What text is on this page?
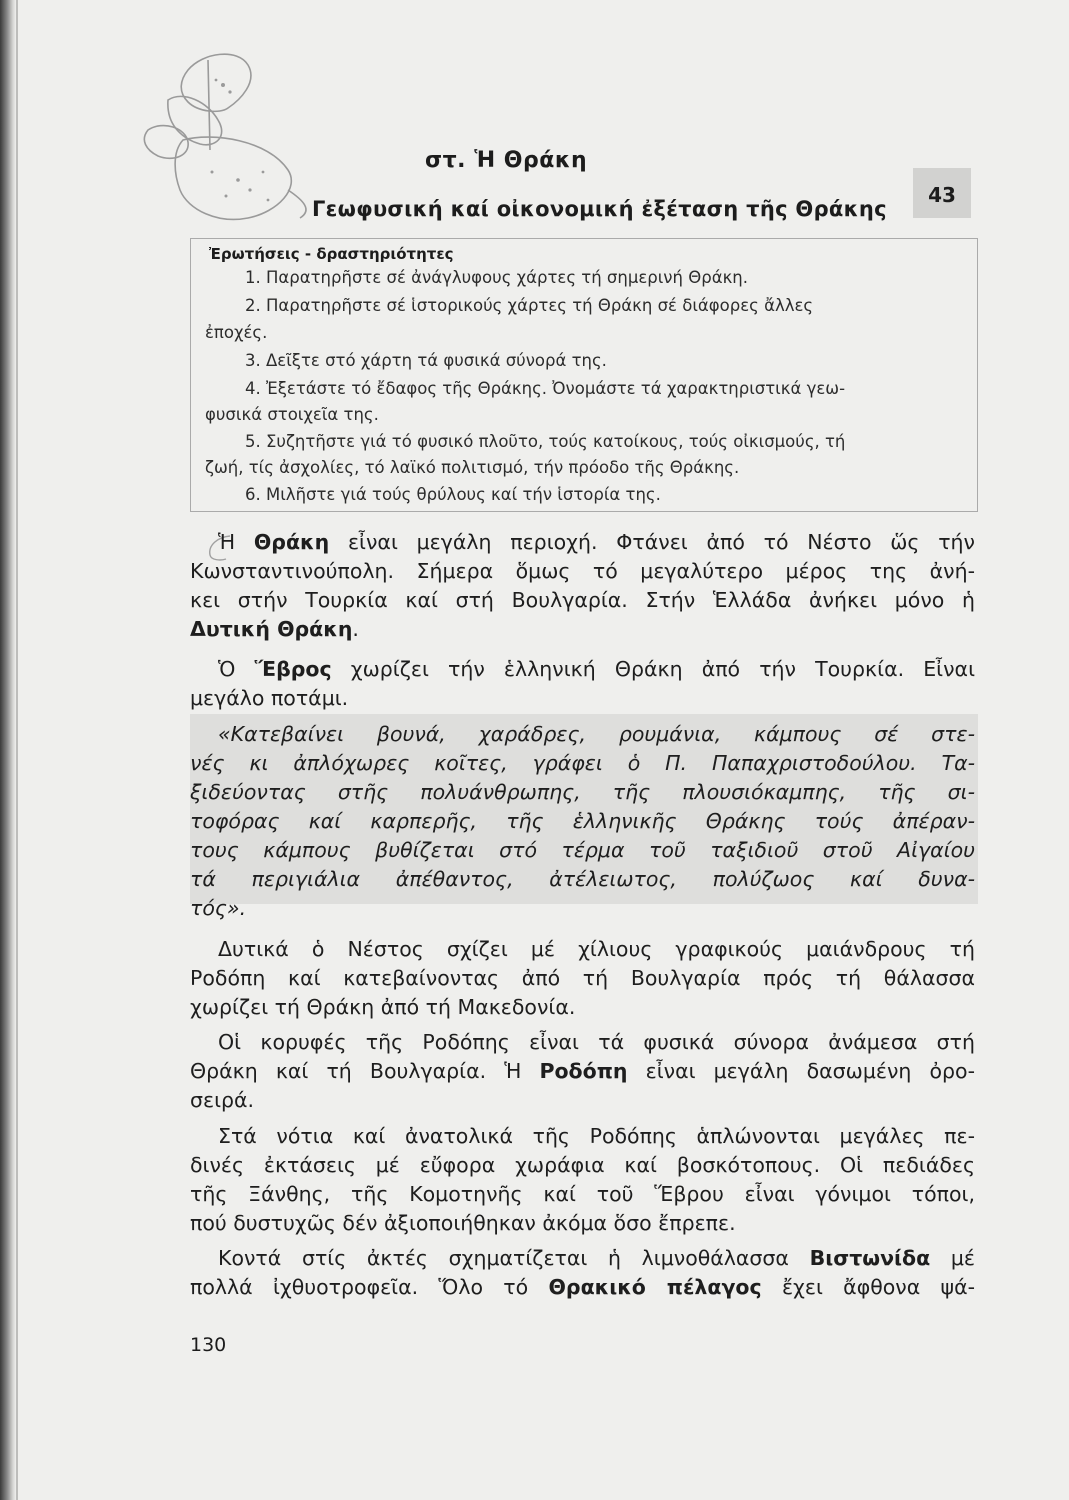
στ. Ἡ Θράκη
Γεωφυσική καί οἰκονομική ἐξέταση τῆς Θράκης
43
Ἐρωτήσεις - δραστηριότητες
1. Παρατηρῆστε σέ ἀνάγλυφους χάρτες τή σημερινή Θράκη.
2. Παρατηρῆστε σέ ἱστορικούς χάρτες τή Θράκη σέ διάφορες ἄλλες
ἐποχές.
3. Δεῖξτε στό χάρτη τά φυσικά σύνορά της.
4. Ἐξετάστε τό ἔδαφος τῆς Θράκης. Ὀνομάστε τά χαρακτηριστικά γεω-
φυσικά στοιχεῖα της.
5. Συζητῆστε γιά τό φυσικό πλοῦτο, τούς κατοίκους, τούς οἰκισμούς, τή
ζωή, τίς ἀσχολίες, τό λαϊκό πολιτισμό, τήν πρόοδο τῆς Θράκης.
6. Μιλῆστε γιά τούς θρύλους καί τήν ἱστορία της.

Ἡ Θράκη εἶναι μεγάλη περιοχή. Φτάνει ἀπό τό Νέστο ὥς τήν

Κωνσταντινούπολη. Σήμερα ὅμως τό μεγαλύτερο μέρος της ἀνή-

κει στήν Τουρκία καί στή Βουλγαρία. Στήν Ἑλλάδα ἀνήκει μόνο ἡ

Δυτική Θράκη.

Ὁ Ἕβρος χωρίζει τήν ἑλληνική Θράκη ἀπό τήν Τουρκία. Εἶναι

μεγάλο ποτάμι.

«Κατεβαίνει βουνά, χαράδρες, ρουμάνια, κάμπους σέ στε-

νές κι ἀπλόχωρες κοῖτες, γράφει ὁ Π. Παπαχριστοδούλου. Τα-

ξιδεύοντας στῆς πολυάνθρωπης, τῆς πλουσιόκαμπης, τῆς σι-

τοφόρας καί καρπερῆς, τῆς ἑλληνικῆς Θράκης τούς ἀπέραν-

τους κάμπους βυθίζεται στό τέρμα τοῦ ταξιδιοῦ στοῦ Αἰγαίου

τά περιγιάλια ἀπέθαντος, ἀτέλειωτος, πολύζωος καί δυνα-

τός».

Δυτικά ὁ Νέστος σχίζει μέ χίλιους γραφικούς μαιάνδρους τή

Ροδόπη καί κατεβαίνοντας ἀπό τή Βουλγαρία πρός τή θάλασσα

χωρίζει τή Θράκη ἀπό τή Μακεδονία.

Οἱ κορυφές τῆς Ροδόπης εἶναι τά φυσικά σύνορα ἀνάμεσα στή

Θράκη καί τή Βουλγαρία. Ἡ Ροδόπη εἶναι μεγάλη δασωμένη ὀρο-

σειρά.

Στά νότια καί ἀνατολικά τῆς Ροδόπης ἁπλώνονται μεγάλες πε-

δινές ἐκτάσεις μέ εὔφορα χωράφια καί βοσκότοπους. Οἱ πεδιάδες

τῆς Ξάνθης, τῆς Κομοτηνῆς καί τοῦ Ἕβρου εἶναι γόνιμοι τόποι,

πού δυστυχῶς δέν ἀξιοποιήθηκαν ἀκόμα ὅσο ἔπρεπε.

Κοντά στίς ἀκτές σχηματίζεται ἡ λιμνοθάλασσα Βιστωνίδα μέ

πολλά ἰχθυοτροφεῖα. Ὅλο τό Θρακικό πέλαγος ἔχει ἄφθονα ψά-

130
